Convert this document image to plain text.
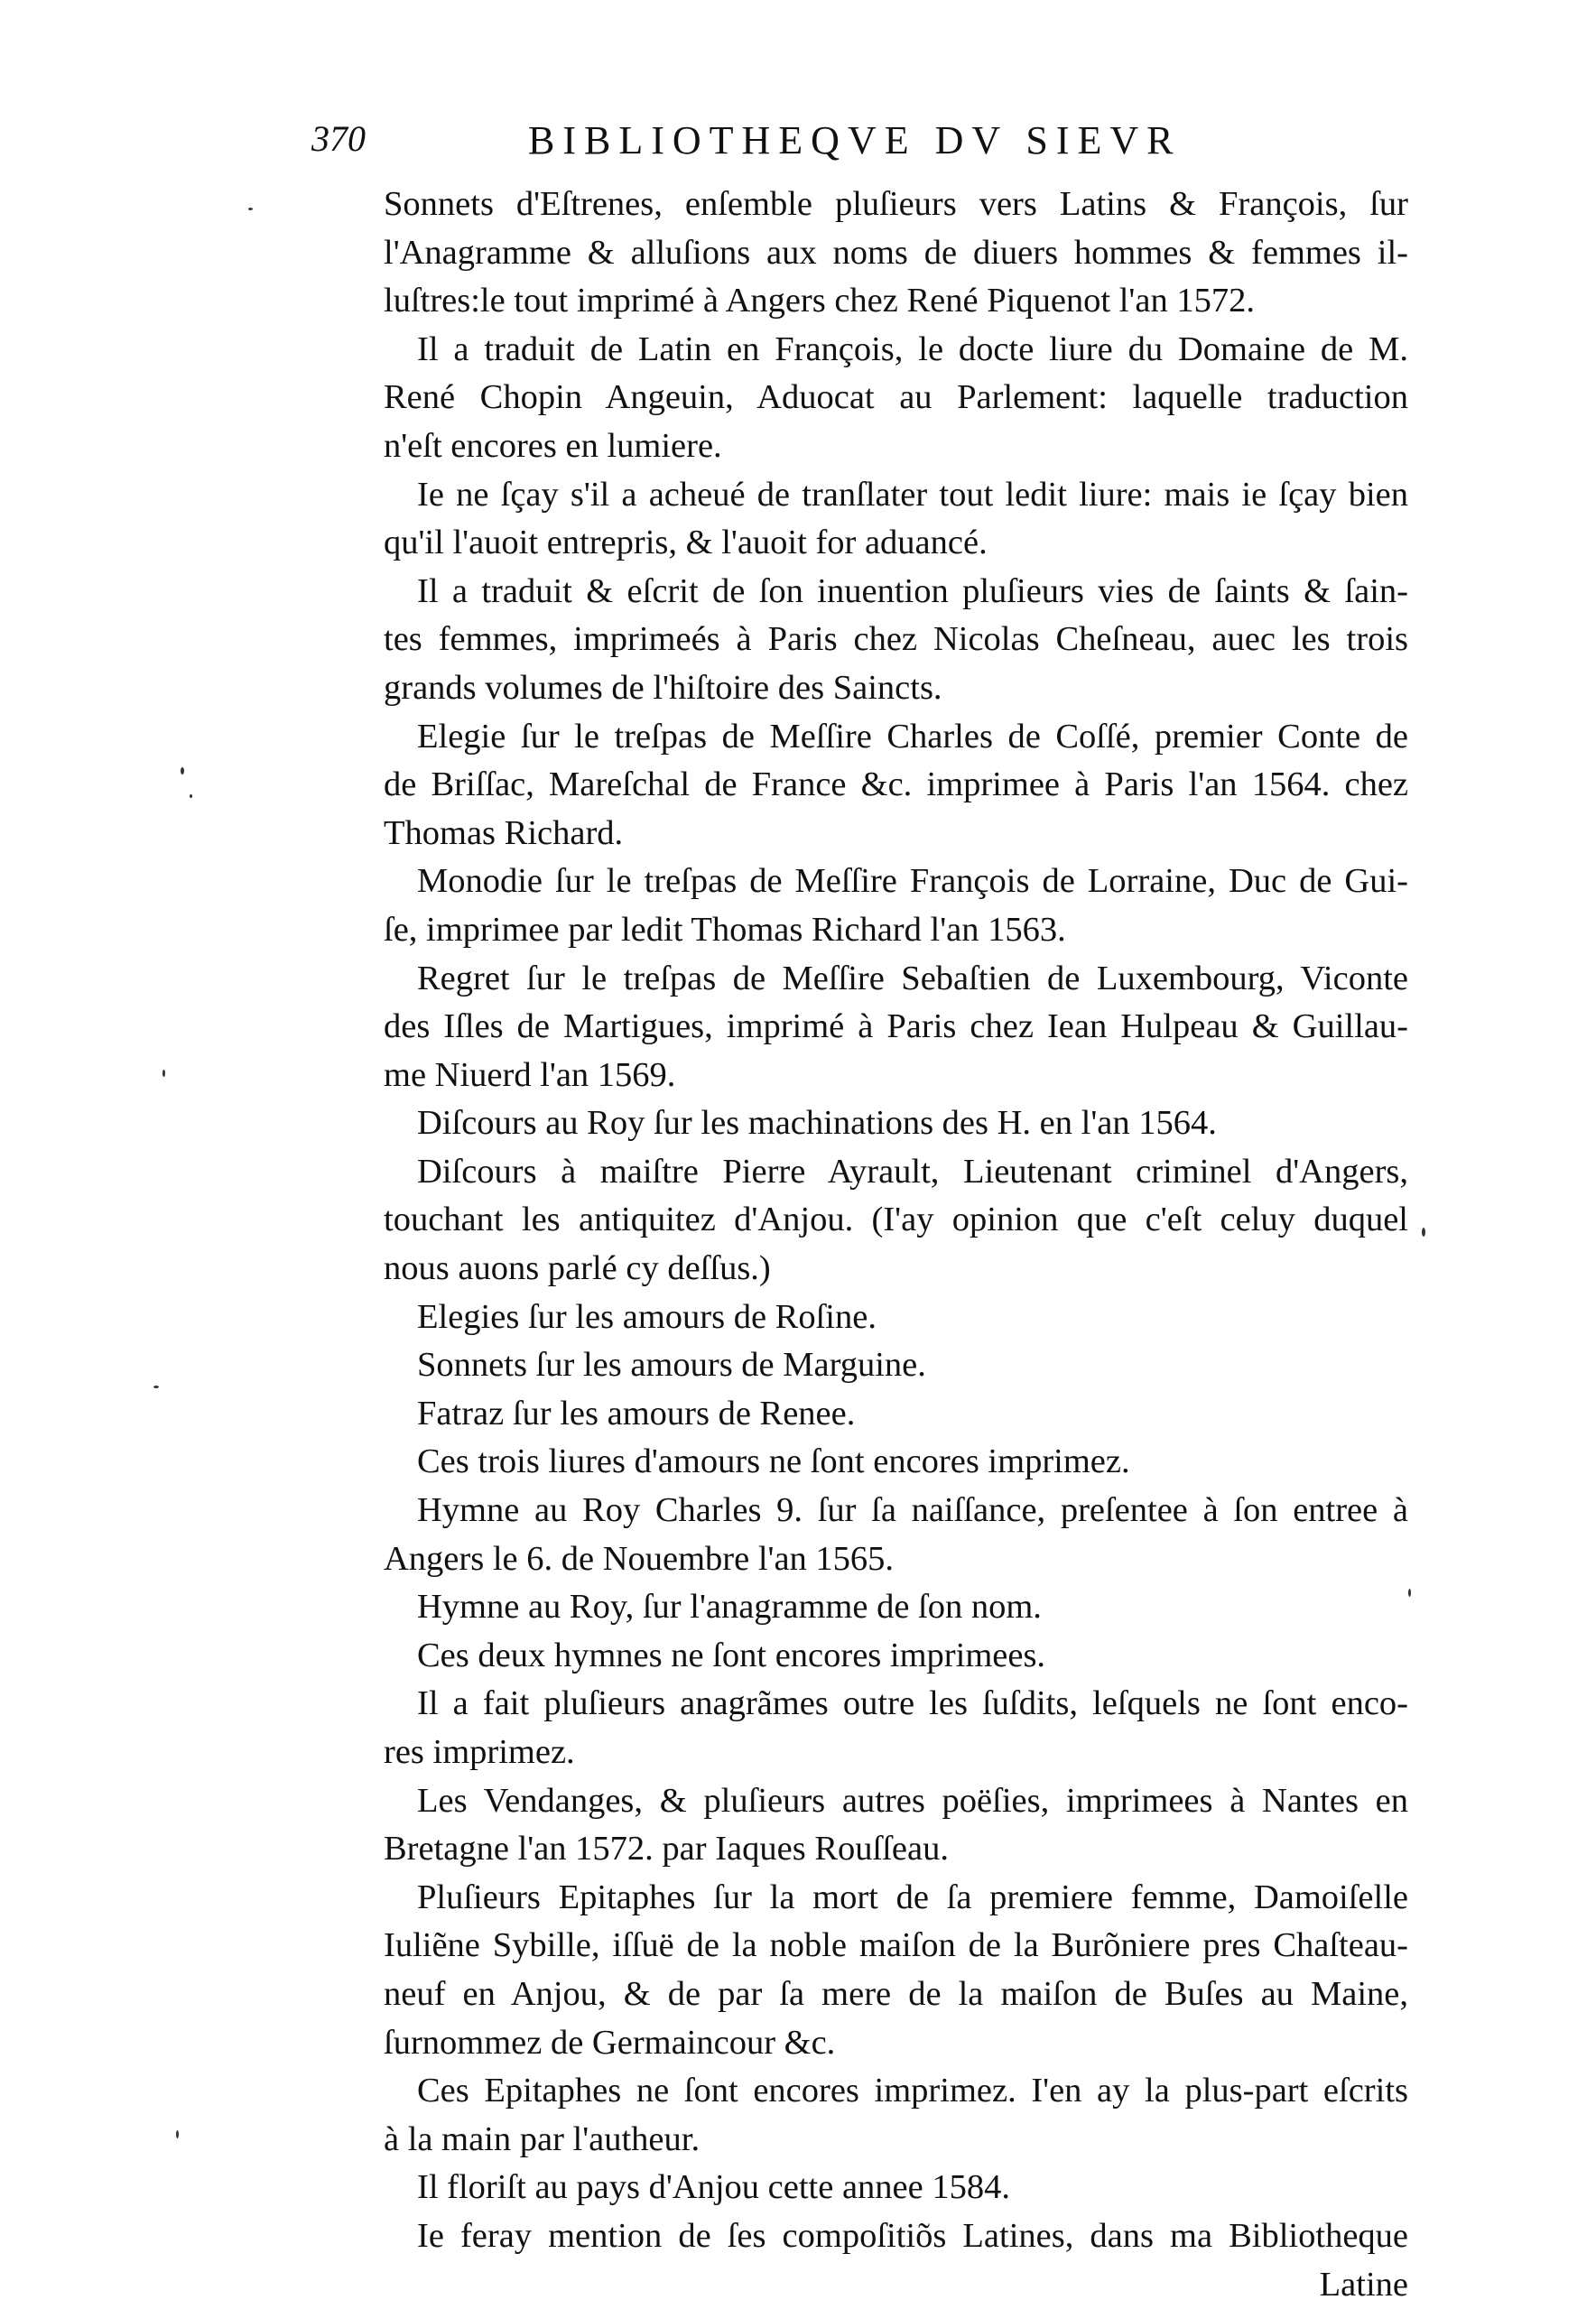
370	BIBLIOTHEQVE DV SIEVR
Sonnets d'Eſtrenes, enſemble pluſieurs vers Latins & François, ſur
l'Anagramme & alluſions aux noms de diuers hommes & femmes il-
luſtres:le tout imprimé à Angers chez René Piquenot l'an 1572.
Il a traduit de Latin en François, le docte liure du Domaine de M.
René Chopin Angeuin, Aduocat au Parlement: laquelle traduction
n'eſt encores en lumiere.
Ie ne ſçay s'il a acheué de tranſlater tout ledit liure: mais ie ſçay bien
qu'il l'auoit entrepris, & l'auoit for aduancé.
Il a traduit & eſcrit de ſon inuention pluſieurs vies de ſaints & ſain-
tes femmes, imprimeés à Paris chez Nicolas Cheſneau, auec les trois
grands volumes de l'hiſtoire des Saincts.
Elegie ſur le treſpas de Meſſire Charles de Coſſé, premier Conte de
de Briſſac, Mareſchal de France &c. imprimee à Paris l'an 1564. chez
Thomas Richard.
Monodie ſur le treſpas de Meſſire François de Lorraine, Duc de Gui-
ſe, imprimee par ledit Thomas Richard l'an 1563.
Regret ſur le treſpas de Meſſire Sebaſtien de Luxembourg, Viconte
des Iſles de Martigues, imprimé à Paris chez Iean Hulpeau & Guillau-
me Niuerd l'an 1569.
Diſcours au Roy ſur les machinations des H. en l'an 1564.
Diſcours à maiſtre Pierre Ayrault, Lieutenant criminel d'Angers,
touchant les antiquitez d'Anjou. (I'ay opinion que c'eſt celuy duquel
nous auons parlé cy deſſus.)
Elegies ſur les amours de Roſine.
Sonnets ſur les amours de Marguine.
Fatraz ſur les amours de Renee.
Ces trois liures d'amours ne ſont encores imprimez.
Hymne au Roy Charles 9. ſur ſa naiſſance, preſentee à ſon entree à
Angers le 6. de Nouembre l'an 1565.
Hymne au Roy, ſur l'anagramme de ſon nom.
Ces deux hymnes ne ſont encores imprimees.
Il a fait pluſieurs anagrãmes outre les ſuſdits, leſquels ne ſont enco-
res imprimez.
Les Vendanges, & pluſieurs autres poëſies, imprimees à Nantes en
Bretagne l'an 1572. par Iaques Rouſſeau.
Pluſieurs Epitaphes ſur la mort de ſa premiere femme, Damoiſelle
Iuliẽne Sybille, iſſuë de la noble maiſon de la Burõniere pres Chaſteau-
neuf en Anjou, & de par ſa mere de la maiſon de Buſes au Maine,
ſurnommez de Germaincour &c.
Ces Epitaphes ne ſont encores imprimez. I'en ay la plus-part eſcrits
à la main par l'autheur.
Il floriſt au pays d'Anjou cette annee 1584.
Ie feray mention de ſes compoſitiõs Latines, dans ma Bibliotheque
Latine
